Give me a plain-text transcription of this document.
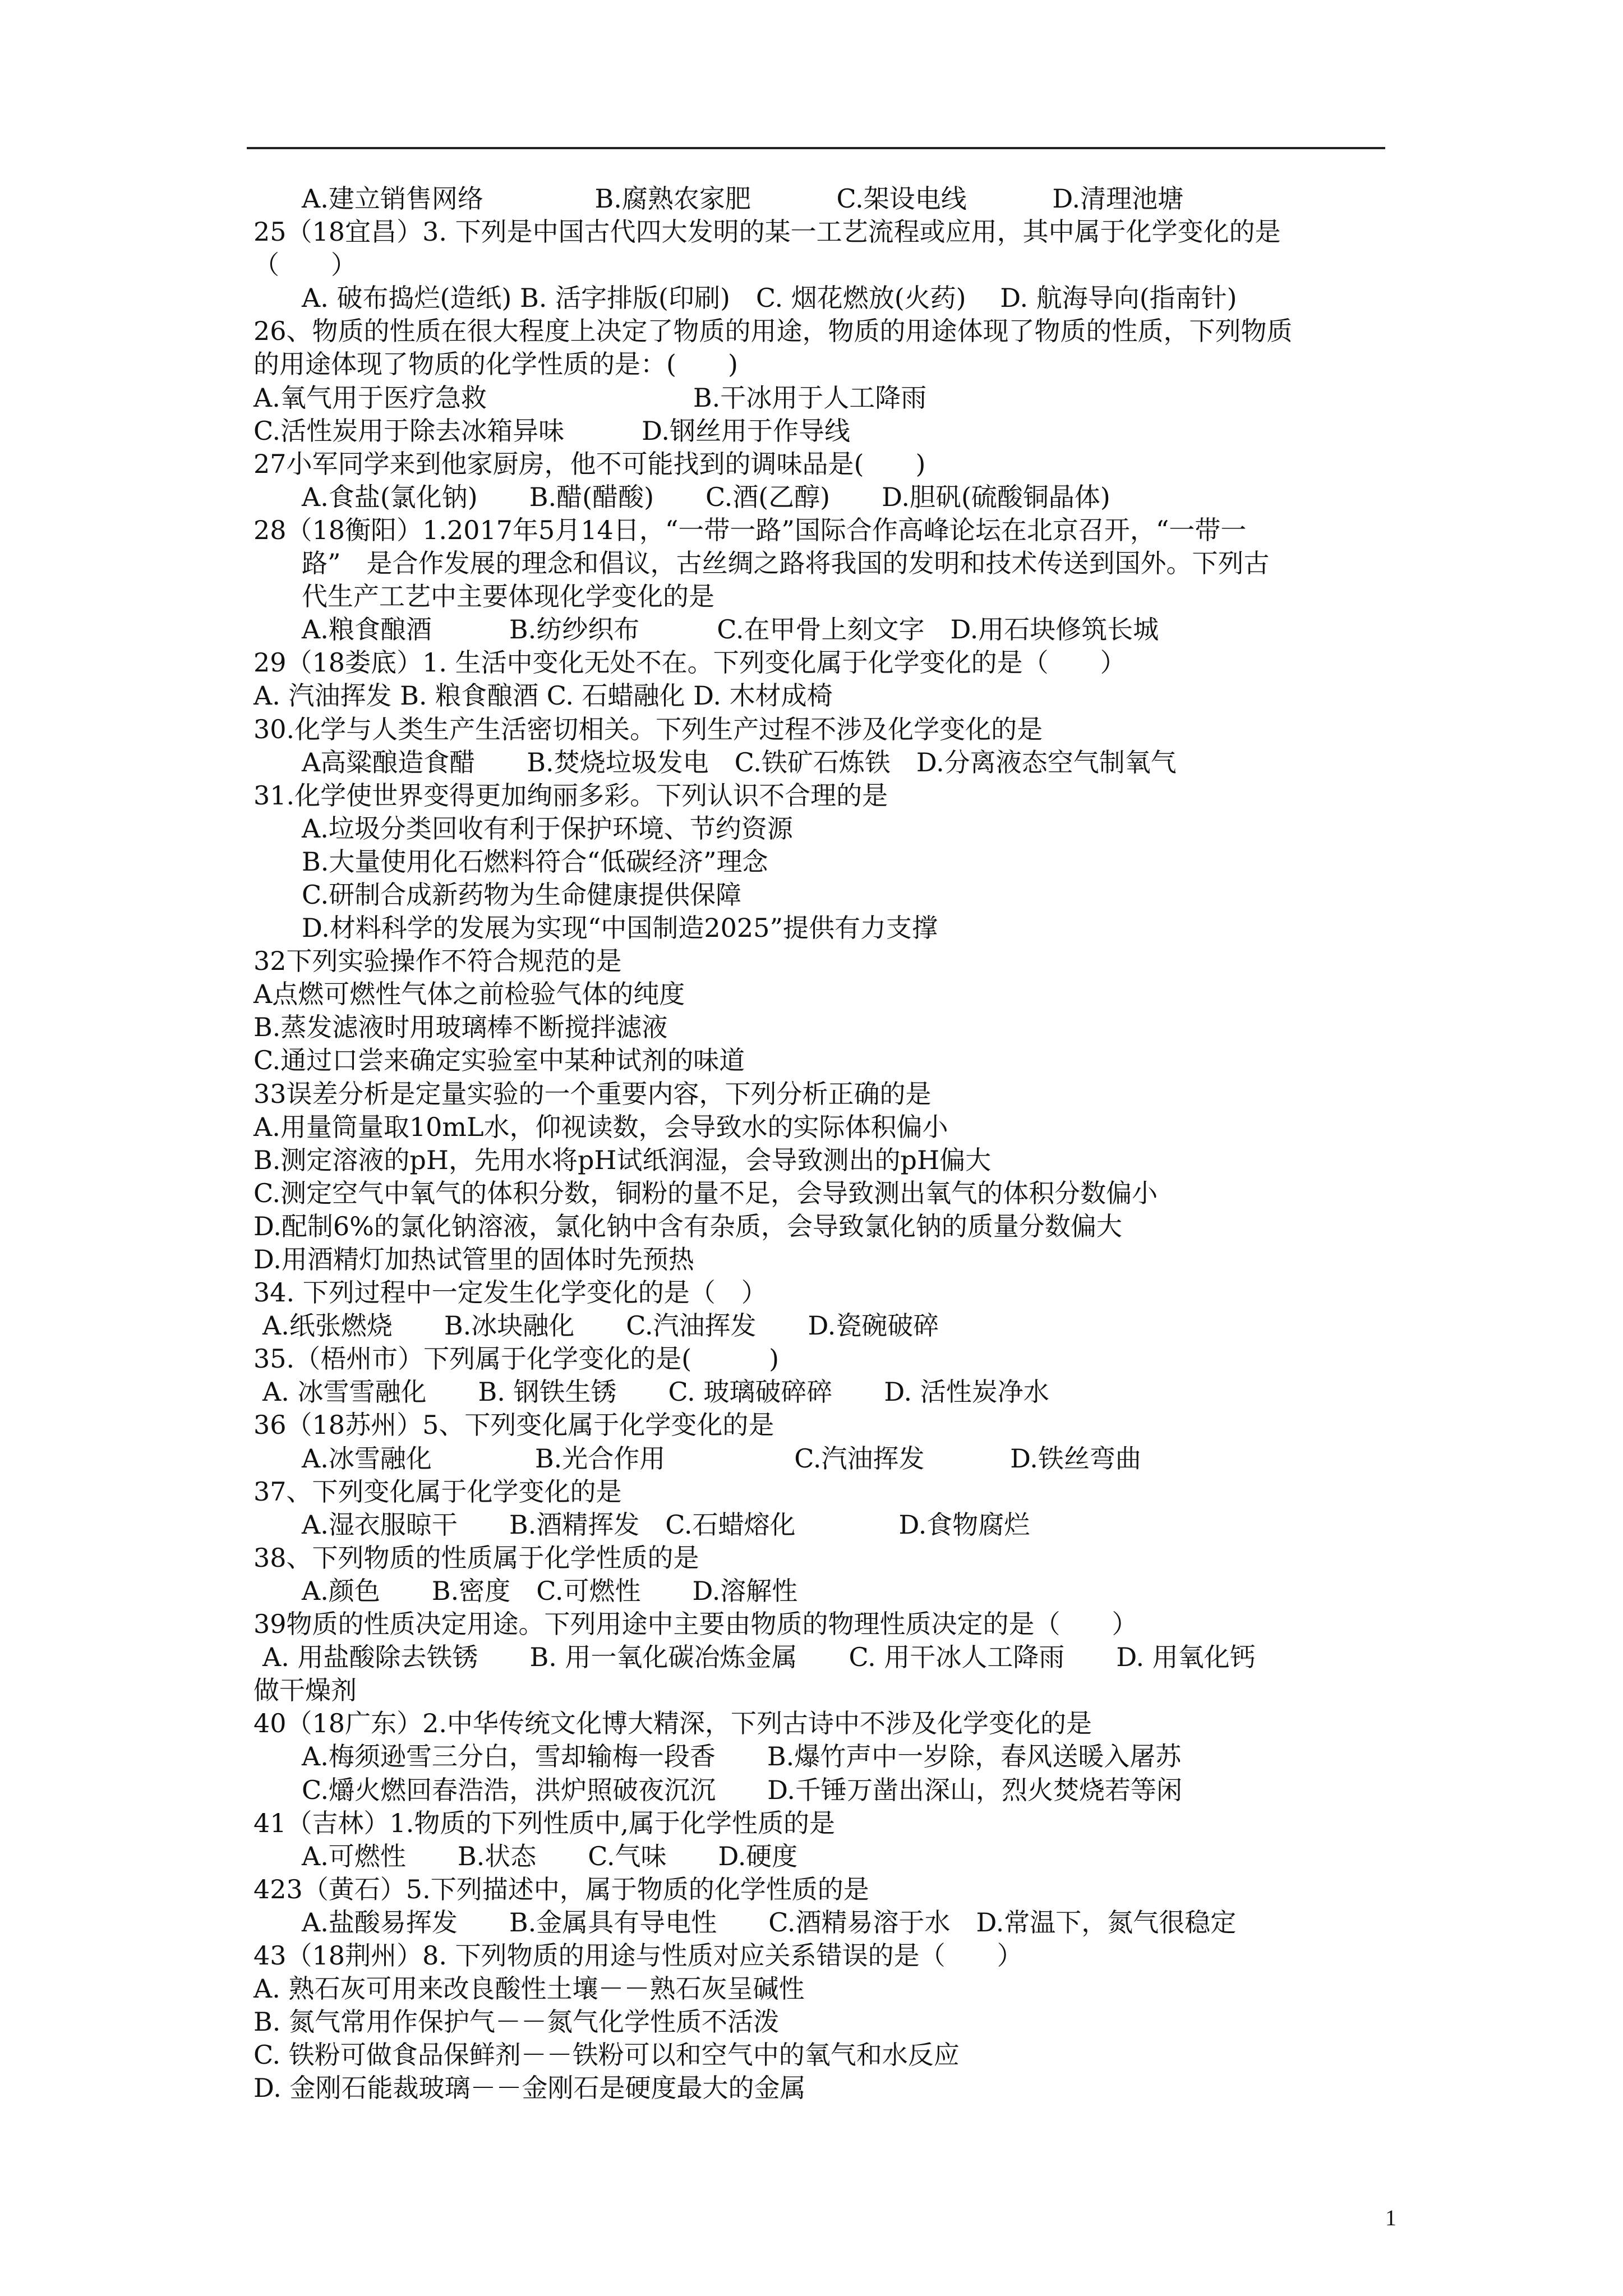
A.建立销售网络　　　　 B.腐熟农家肥　　　 C.架设电线　　　 D.清理池塘
25（18宜昌）3. 下列是中国古代四大发明的某一工艺流程或应用，其中属于化学变化的是
（　　）
A. 破布捣烂(造纸) B. 活字排版(印刷)　C. 烟花燃放(火药)　 D. 航海导向(指南针)
26、物质的性质在很大程度上决定了物质的用途，物质的用途体现了物质的性质，下列物质
的用途体现了物质的化学性质的是：(　　)
A.氧气用于医疗急救　　　　　　　　B.干冰用于人工降雨
C.活性炭用于除去冰箱异味　　　D.钢丝用于作导线
27小军同学来到他家厨房，他不可能找到的调味品是(　　)
A.食盐(氯化钠)　　B.醋(醋酸)　　C.酒(乙醇)　　D.胆矾(硫酸铜晶体)
28（18衡阳）1.2017年5月14日，“一带一路”国际合作高峰论坛在北京召开，“一带一
路”　是合作发展的理念和倡议，古丝绸之路将我国的发明和技术传送到国外。下列古
代生产工艺中主要体现化学变化的是
A.粮食酿酒　　　B.纺纱织布　　　C.在甲骨上刻文字　D.用石块修筑长城
29（18娄底）1. 生活中变化无处不在。下列变化属于化学变化的是（　　）
A. 汽油挥发 B. 粮食酿酒 C. 石蜡融化 D. 木材成椅
30.化学与人类生产生活密切相关。下列生产过程不涉及化学变化的是
A高粱酿造食醋　　B.焚烧垃圾发电　C.铁矿石炼铁　D.分离液态空气制氧气
31.化学使世界变得更加绚丽多彩。下列认识不合理的是
A.垃圾分类回收有利于保护环境、节约资源
B.大量使用化石燃料符合“低碳经济”理念
C.研制合成新药物为生命健康提供保障
D.材料科学的发展为实现“中国制造2025”提供有力支撑
32下列实验操作不符合规范的是
A点燃可燃性气体之前检验气体的纯度
B.蒸发滤液时用玻璃棒不断搅拌滤液
C.通过口尝来确定实验室中某种试剂的味道
33误差分析是定量实验的一个重要内容，下列分析正确的是
A.用量筒量取10mL水，仰视读数，会导致水的实际体积偏小
B.测定溶液的pH，先用水将pH试纸润湿，会导致测出的pH偏大
C.测定空气中氧气的体积分数，铜粉的量不足，会导致测出氧气的体积分数偏小
D.配制6%的氯化钠溶液，氯化钠中含有杂质，会导致氯化钠的质量分数偏大
D.用酒精灯加热试管里的固体时先预热
34. 下列过程中一定发生化学变化的是（　）
A.纸张燃烧　　B.冰块融化　　C.汽油挥发　　D.瓷碗破碎
35.（梧州市）下列属于化学变化的是(　　　)
A. 冰雪雪融化　　B. 钢铁生锈　　C. 玻璃破碎碎　　D. 活性炭净水
36（18苏州）5、下列变化属于化学变化的是
A.冰雪融化　　　　B.光合作用　　　　　C.汽油挥发　　　 D.铁丝弯曲
37、下列变化属于化学变化的是
A.湿衣服晾干　　B.酒精挥发　C.石蜡熔化　　　　D.食物腐烂
38、下列物质的性质属于化学性质的是
A.颜色　　B.密度　C.可燃性　　D.溶解性
39物质的性质决定用途。下列用途中主要由物质的物理性质决定的是（　　）
A. 用盐酸除去铁锈　　B. 用一氧化碳冶炼金属　　C. 用干冰人工降雨　　D. 用氧化钙
做干燥剂
40（18广东）2.中华传统文化博大精深，下列古诗中不涉及化学变化的是
A.梅须逊雪三分白，雪却输梅一段香　　B.爆竹声中一岁除，春风送暖入屠苏
C.爝火燃回春浩浩，洪炉照破夜沉沉　　D.千锤万凿出深山，烈火焚烧若等闲
41（吉林）1.物质的下列性质中,属于化学性质的是
A.可燃性　　B.状态　　C.气味　　D.硬度
423（黄石）5.下列描述中，属于物质的化学性质的是
A.盐酸易挥发　　B.金属具有导电性　　C.酒精易溶于水　D.常温下，氮气很稳定
43（18荆州）8. 下列物质的用途与性质对应关系错误的是（　　）
A. 熟石灰可用来改良酸性土壤－－熟石灰呈碱性
B. 氮气常用作保护气－－氮气化学性质不活泼
C. 铁粉可做食品保鲜剂－－铁粉可以和空气中的氧气和水反应
D. 金刚石能裁玻璃－－金刚石是硬度最大的金属
1
